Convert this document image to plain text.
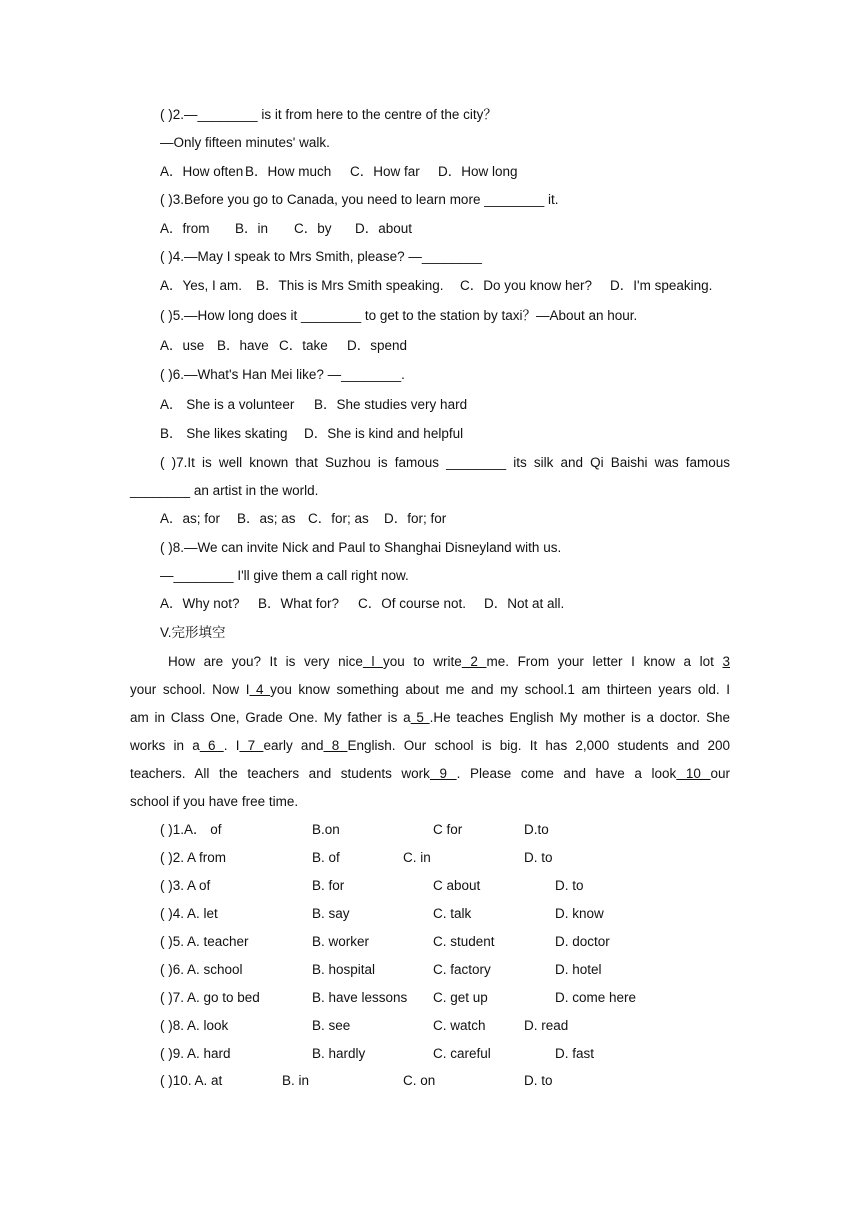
( )2.—________ is it from here to the centre of the city？
—Only fifteen minutes' walk.
A．How often B．How much C．How far D．How long
( )3.Before you go to Canada, you need to learn more ________ it.
A．from B．in C．by D．about
( )4.—May I speak to Mrs Smith, please? —________
A．Yes, I am. B．This is Mrs Smith speaking. C．Do you know her? D．I'm speaking.
( )5.—How long does it ________ to get to the station by taxi？—About an hour.
A．use B．have C．take D．spend
( )6.—What's Han Mei like? —________.
A． She is a volunteer B．She studies very hard
B． She likes skating D．She is kind and helpful
( )7.It is well known that Suzhou is famous ________ its silk and Qi Baishi was famous
________ an artist in the world.
A．as; for B．as; as C．for; as D．for; for
( )8.—We can invite Nick and Paul to Shanghai Disneyland with us.
—________ I'll give them a call right now.
A．Why not? B．What for? C．Of course not. D．Not at all.
V.完形填空
How are you? It is very nice l you to write 2 me. From your letter I know a lot 3
your school. Now I 4 you know something about me and my school.1 am thirteen years old. I
am in Class One, Grade One. My father is a 5 .He teaches English My mother is a doctor. She
works in a 6 . I 7 early and 8 English. Our school is big. It has 2,000 students and 200
teachers. All the teachers and students work 9 . Please come and have a look 10 our
school if you have free time.
( )1.A． of	B.on	C for	D.to
( )2. A from	B. of	C. in	D. to
( )3. A of	B. for	C about	D. to
( )4. A. let	B. say	C. talk	D. know
( )5. A. teacher	B. worker	C. student	D. doctor
( )6. A. school	B. hospital	C. factory	D. hotel
( )7. A. go to bed	B. have lessons C. get up	D. come here
( )8. A. look	B. see	C. watch	D. read
( )9. A. hard	B. hardly	C. careful	D. fast
( )10. A. at	B. in	C. on	D. to
